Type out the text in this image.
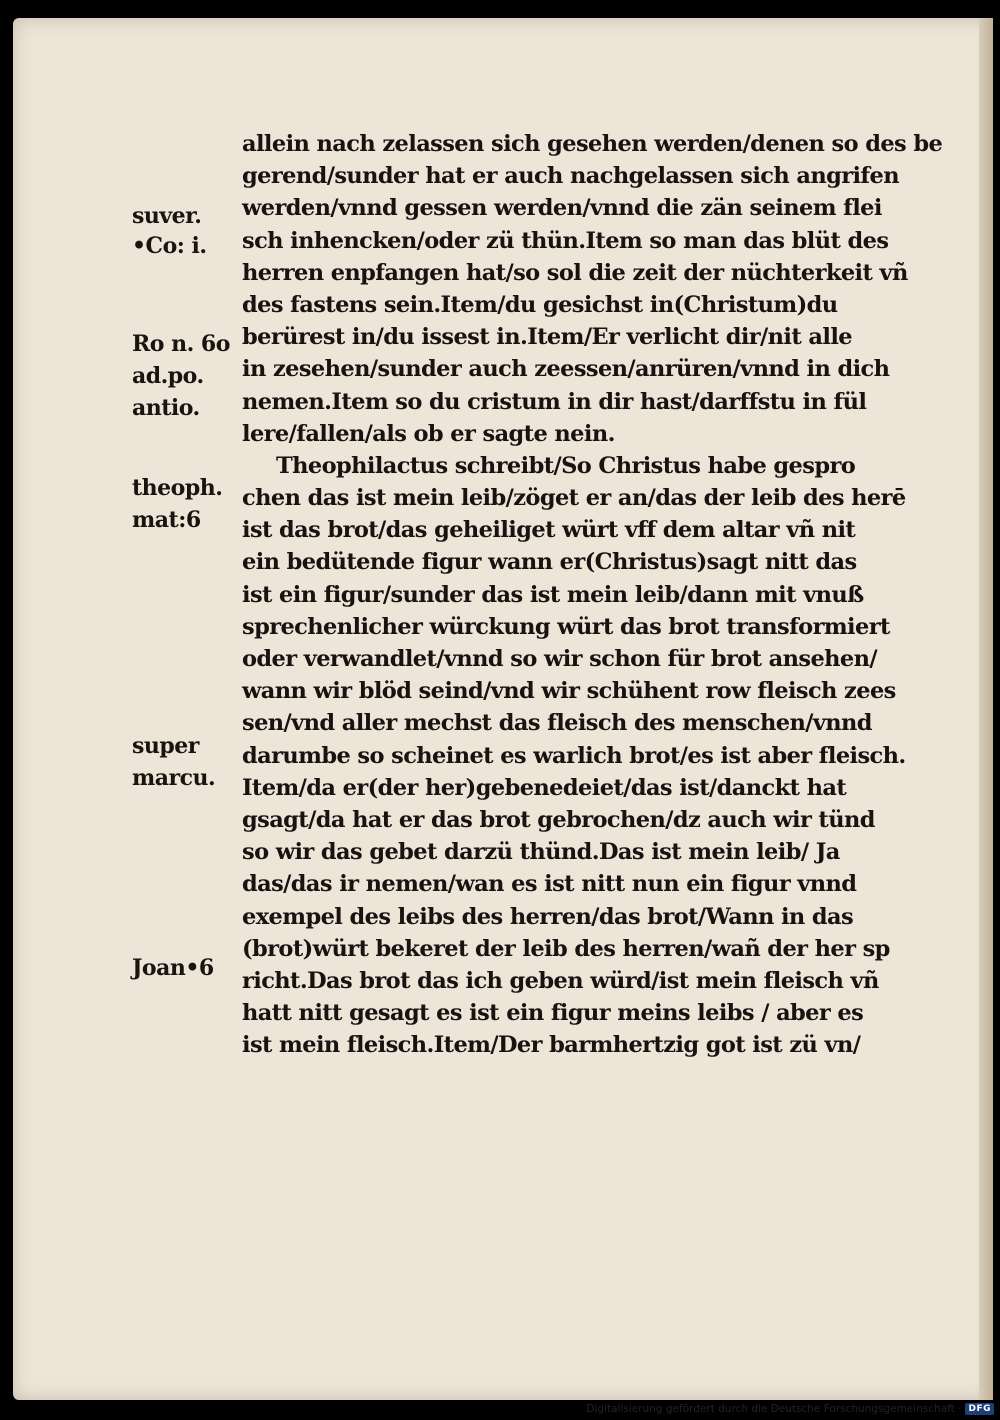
suver.
•Co: i.
Ro n. 6o
ad.po.
antio.
theoph.
mat:6
super
marcu.
Joan•6
allein nach zelassen sich gesehen werden/denen so des be
gerend/sunder hat er auch nachgelassen sich angrifen
werden/vnnd gessen werden/vnnd die zän seinem flei
sch inhencken/oder zü thün.Item so man das blüt des
herren enpfangen hat/so sol die zeit der nüchterkeit vñ
des fastens sein.Item/du gesichst in(Christum)du
berürest in/du issest in.Item/Er verlicht dir/nit alle
in zesehen/sunder auch zeessen/anrüren/vnnd in dich
nemen.Item so du cristum in dir hast/darffstu in fül
lere/fallen/als ob er sagte nein.
Theophilactus schreibt/So Christus habe gespro
chen das ist mein leib/zöget er an/das der leib des herē
ist das brot/das geheiliget würt vff dem altar vñ nit
ein bedütende figur wann er(Christus)sagt nitt das
ist ein figur/sunder das ist mein leib/dann mit vnuß
sprechenlicher würckung würt das brot transformiert
oder verwandlet/vnnd so wir schon für brot ansehen/
wann wir blöd seind/vnd wir schühent row fleisch zees
sen/vnd aller mechst das fleisch des menschen/vnnd
darumbe so scheinet es warlich brot/es ist aber fleisch.
Item/da er(der her)gebenedeiet/das ist/danckt hat
gsagt/da hat er das brot gebrochen/dz auch wir tünd
so wir das gebet darzü thünd.Das ist mein leib/ Ja
das/das ir nemen/wan es ist nitt nun ein figur vnnd
exempel des leibs des herren/das brot/Wann in das
(brot)würt bekeret der leib des herren/wañ der her sp
richt.Das brot das ich geben würd/ist mein fleisch vñ
hatt nitt gesagt es ist ein figur meins leibs / aber es
ist mein fleisch.Item/Der barmhertzig got ist zü vn/
Digitalisierung gefördert durch die Deutsche Forschungsgemeinschaft · DFG
